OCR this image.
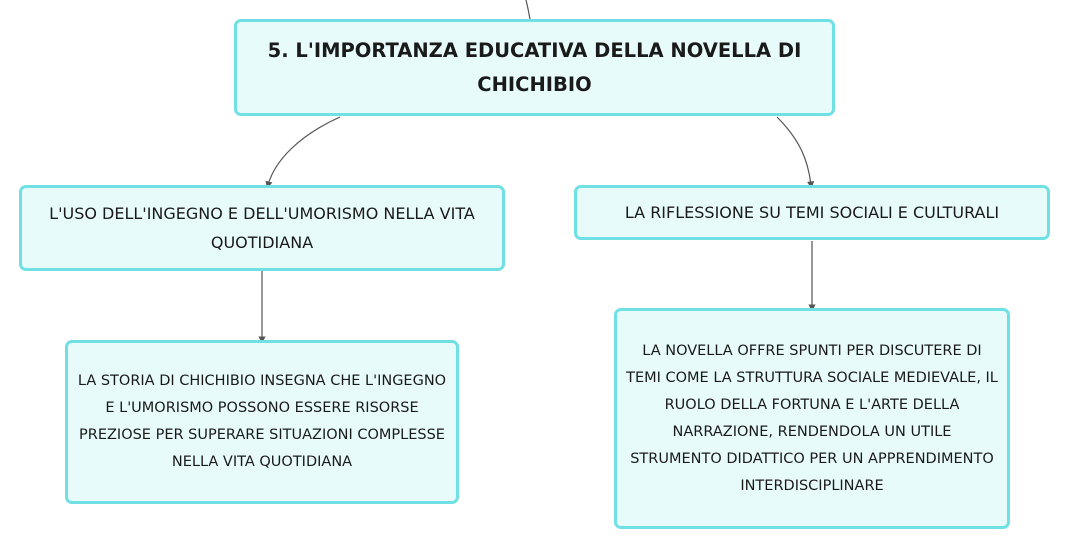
5. L'IMPORTANZA EDUCATIVA DELLA NOVELLA DI CHICHIBIO
L'USO DELL'INGEGNO E DELL'UMORISMO NELLA VITA QUOTIDIANA
LA RIFLESSIONE SU TEMI SOCIALI E CULTURALI
LA STORIA DI CHICHIBIO INSEGNA CHE L'INGEGNO E L'UMORISMO POSSONO ESSERE RISORSE PREZIOSE PER SUPERARE SITUAZIONI COMPLESSE NELLA VITA QUOTIDIANA
LA NOVELLA OFFRE SPUNTI PER DISCUTERE DI TEMI COME LA STRUTTURA SOCIALE MEDIEVALE, IL RUOLO DELLA FORTUNA E L'ARTE DELLA NARRAZIONE, RENDENDOLA UN UTILE STRUMENTO DIDATTICO PER UN APPRENDIMENTO INTERDISCIPLINARE
